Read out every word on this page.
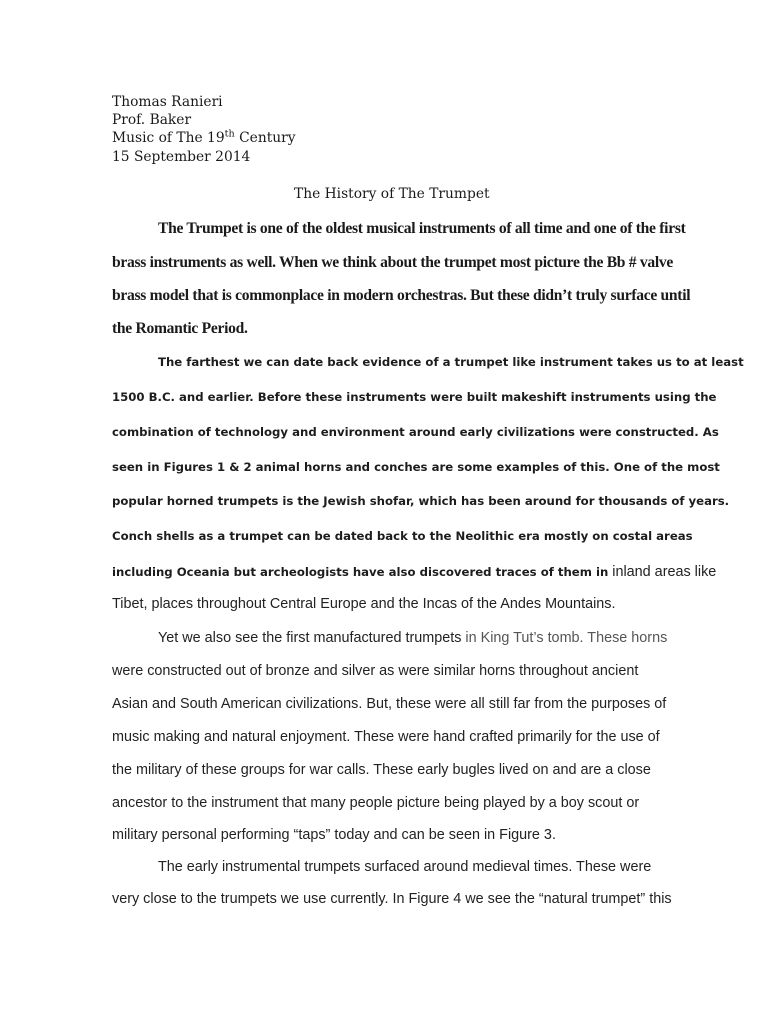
Thomas Ranieri
Prof. Baker
Music of The 19th Century
15 September 2014
The History of The Trumpet
The Trumpet is one of the oldest musical instruments of all time and one of the first
brass instruments as well. When we think about the trumpet most picture the Bb # valve
brass model that is commonplace in modern orchestras. But these didn’t truly surface until
the Romantic Period.
The farthest we can date back evidence of a trumpet like instrument takes us to at least
1500 B.C. and earlier. Before these instruments were built makeshift instruments using the
combination of technology and environment around early civilizations were constructed. As
seen in Figures 1 & 2 animal horns and conches are some examples of this. One of the most
popular horned trumpets is the Jewish shofar, which has been around for thousands of years.
Conch shells as a trumpet can be dated back to the Neolithic era mostly on costal areas
including Oceania but archeologists have also discovered traces of them in inland areas like
Tibet, places throughout Central Europe and the Incas of the Andes Mountains.
Yet we also see the first manufactured trumpets in King Tut’s tomb. These horns
were constructed out of bronze and silver as were similar horns throughout ancient
Asian and South American civilizations. But, these were all still far from the purposes of
music making and natural enjoyment. These were hand crafted primarily for the use of
the military of these groups for war calls. These early bugles lived on and are a close
ancestor to the instrument that many people picture being played by a boy scout or
military personal performing “taps” today and can be seen in Figure 3.
The early instrumental trumpets surfaced around medieval times. These were
very close to the trumpets we use currently. In Figure 4 we see the “natural trumpet” this
